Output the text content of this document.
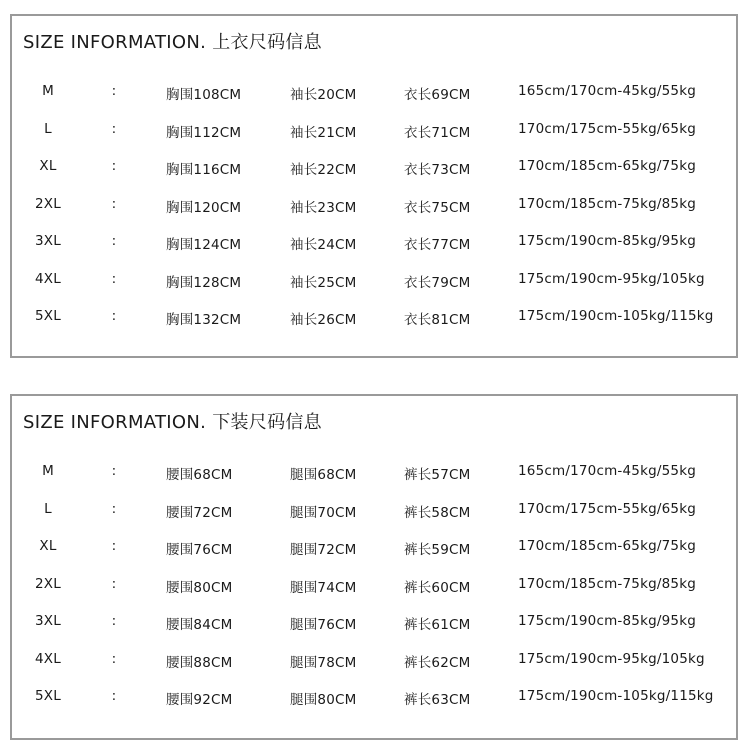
SIZE INFORMATION. 上衣尺码信息
M	:	胸围108CM	袖长20CM	衣长69CM	165cm/170cm-45kg/55kg
L	:	胸围112CM	袖长21CM	衣长71CM	170cm/175cm-55kg/65kg
XL	:	胸围116CM	袖长22CM	衣长73CM	170cm/185cm-65kg/75kg
2XL	:	胸围120CM	袖长23CM	衣长75CM	170cm/185cm-75kg/85kg
3XL	:	胸围124CM	袖长24CM	衣长77CM	175cm/190cm-85kg/95kg
4XL	:	胸围128CM	袖长25CM	衣长79CM	175cm/190cm-95kg/105kg
5XL	:	胸围132CM	袖长26CM	衣长81CM	175cm/190cm-105kg/115kg
SIZE INFORMATION. 下装尺码信息
M	:	腰围68CM	腿围68CM	裤长57CM	165cm/170cm-45kg/55kg
L	:	腰围72CM	腿围70CM	裤长58CM	170cm/175cm-55kg/65kg
XL	:	腰围76CM	腿围72CM	裤长59CM	170cm/185cm-65kg/75kg
2XL	:	腰围80CM	腿围74CM	裤长60CM	170cm/185cm-75kg/85kg
3XL	:	腰围84CM	腿围76CM	裤长61CM	175cm/190cm-85kg/95kg
4XL	:	腰围88CM	腿围78CM	裤长62CM	175cm/190cm-95kg/105kg
5XL	:	腰围92CM	腿围80CM	裤长63CM	175cm/190cm-105kg/115kg
